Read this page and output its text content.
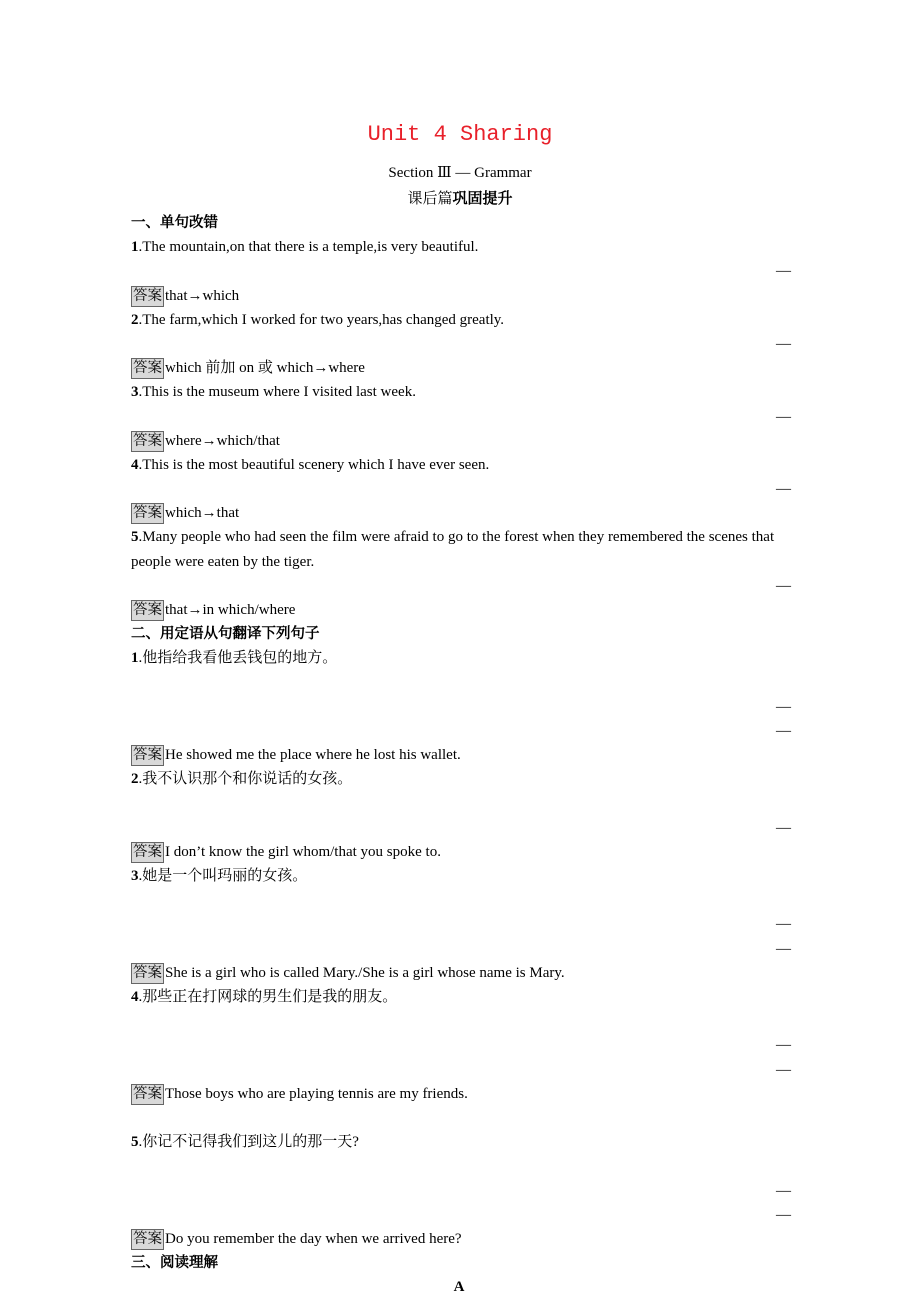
Unit 4 Sharing
Section Ⅲ — Grammar
课后篇巩固提升
一、单句改错
1.The mountain,on that there is a temple,is very beautiful.
—
答案 that→which
2.The farm,which I worked for two years,has changed greatly.
—
答案 which 前加 on 或 which→where
3.This is the museum where I visited last week.
—
答案 where→which/that
4.This is the most beautiful scenery which I have ever seen.
—
答案 which→that
5.Many people who had seen the film were afraid to go to the forest when they remembered the scenes that people were eaten by the tiger.
—
答案 that→in which/where
二、用定语从句翻译下列句子
1.他指给我看他丢钱包的地方。
—
—
答案 He showed me the place where he lost his wallet.
2.我不认识那个和你说话的女孩。
—
答案 I don’t know the girl whom/that you spoke to.
3.她是一个叫玛丽的女孩。
—
—
答案 She is a girl who is called Mary./She is a girl whose name is Mary.
4.那些正在打网球的男生们是我的朋友。
—
—
答案 Those boys who are playing tennis are my friends.
5.你记不记得我们到这儿的那一天?
—
—
答案 Do you remember the day when we arrived here?
三、阅读理解
A
